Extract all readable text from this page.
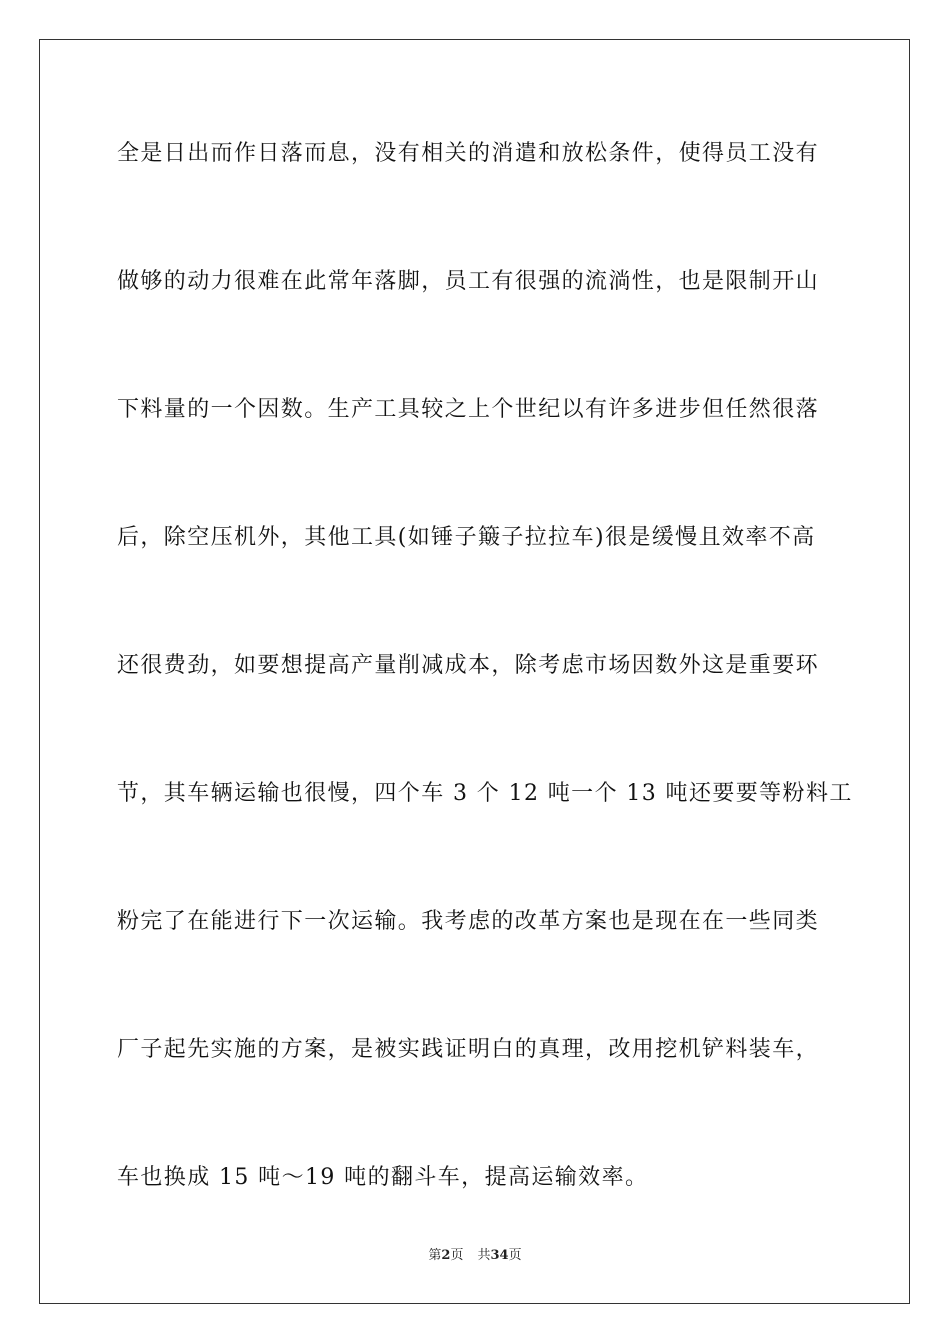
全是日出而作日落而息，没有相关的消遣和放松条件，使得员工没有
做够的动力很难在此常年落脚，员工有很强的流淌性，也是限制开山
下料量的一个因数。生产工具较之上个世纪以有许多进步但任然很落
后，除空压机外，其他工具(如锤子簸子拉拉车)很是缓慢且效率不高
还很费劲，如要想提高产量削减成本，除考虑市场因数外这是重要环
节，其车辆运输也很慢，四个车 3 个 12 吨一个 13 吨还要要等粉料工
粉完了在能进行下一次运输。我考虑的改革方案也是现在在一些同类
厂子起先实施的方案，是被实践证明白的真理，改用挖机铲料装车，
车也换成 15 吨～19 吨的翻斗车，提高运输效率。
第2页 共34页
